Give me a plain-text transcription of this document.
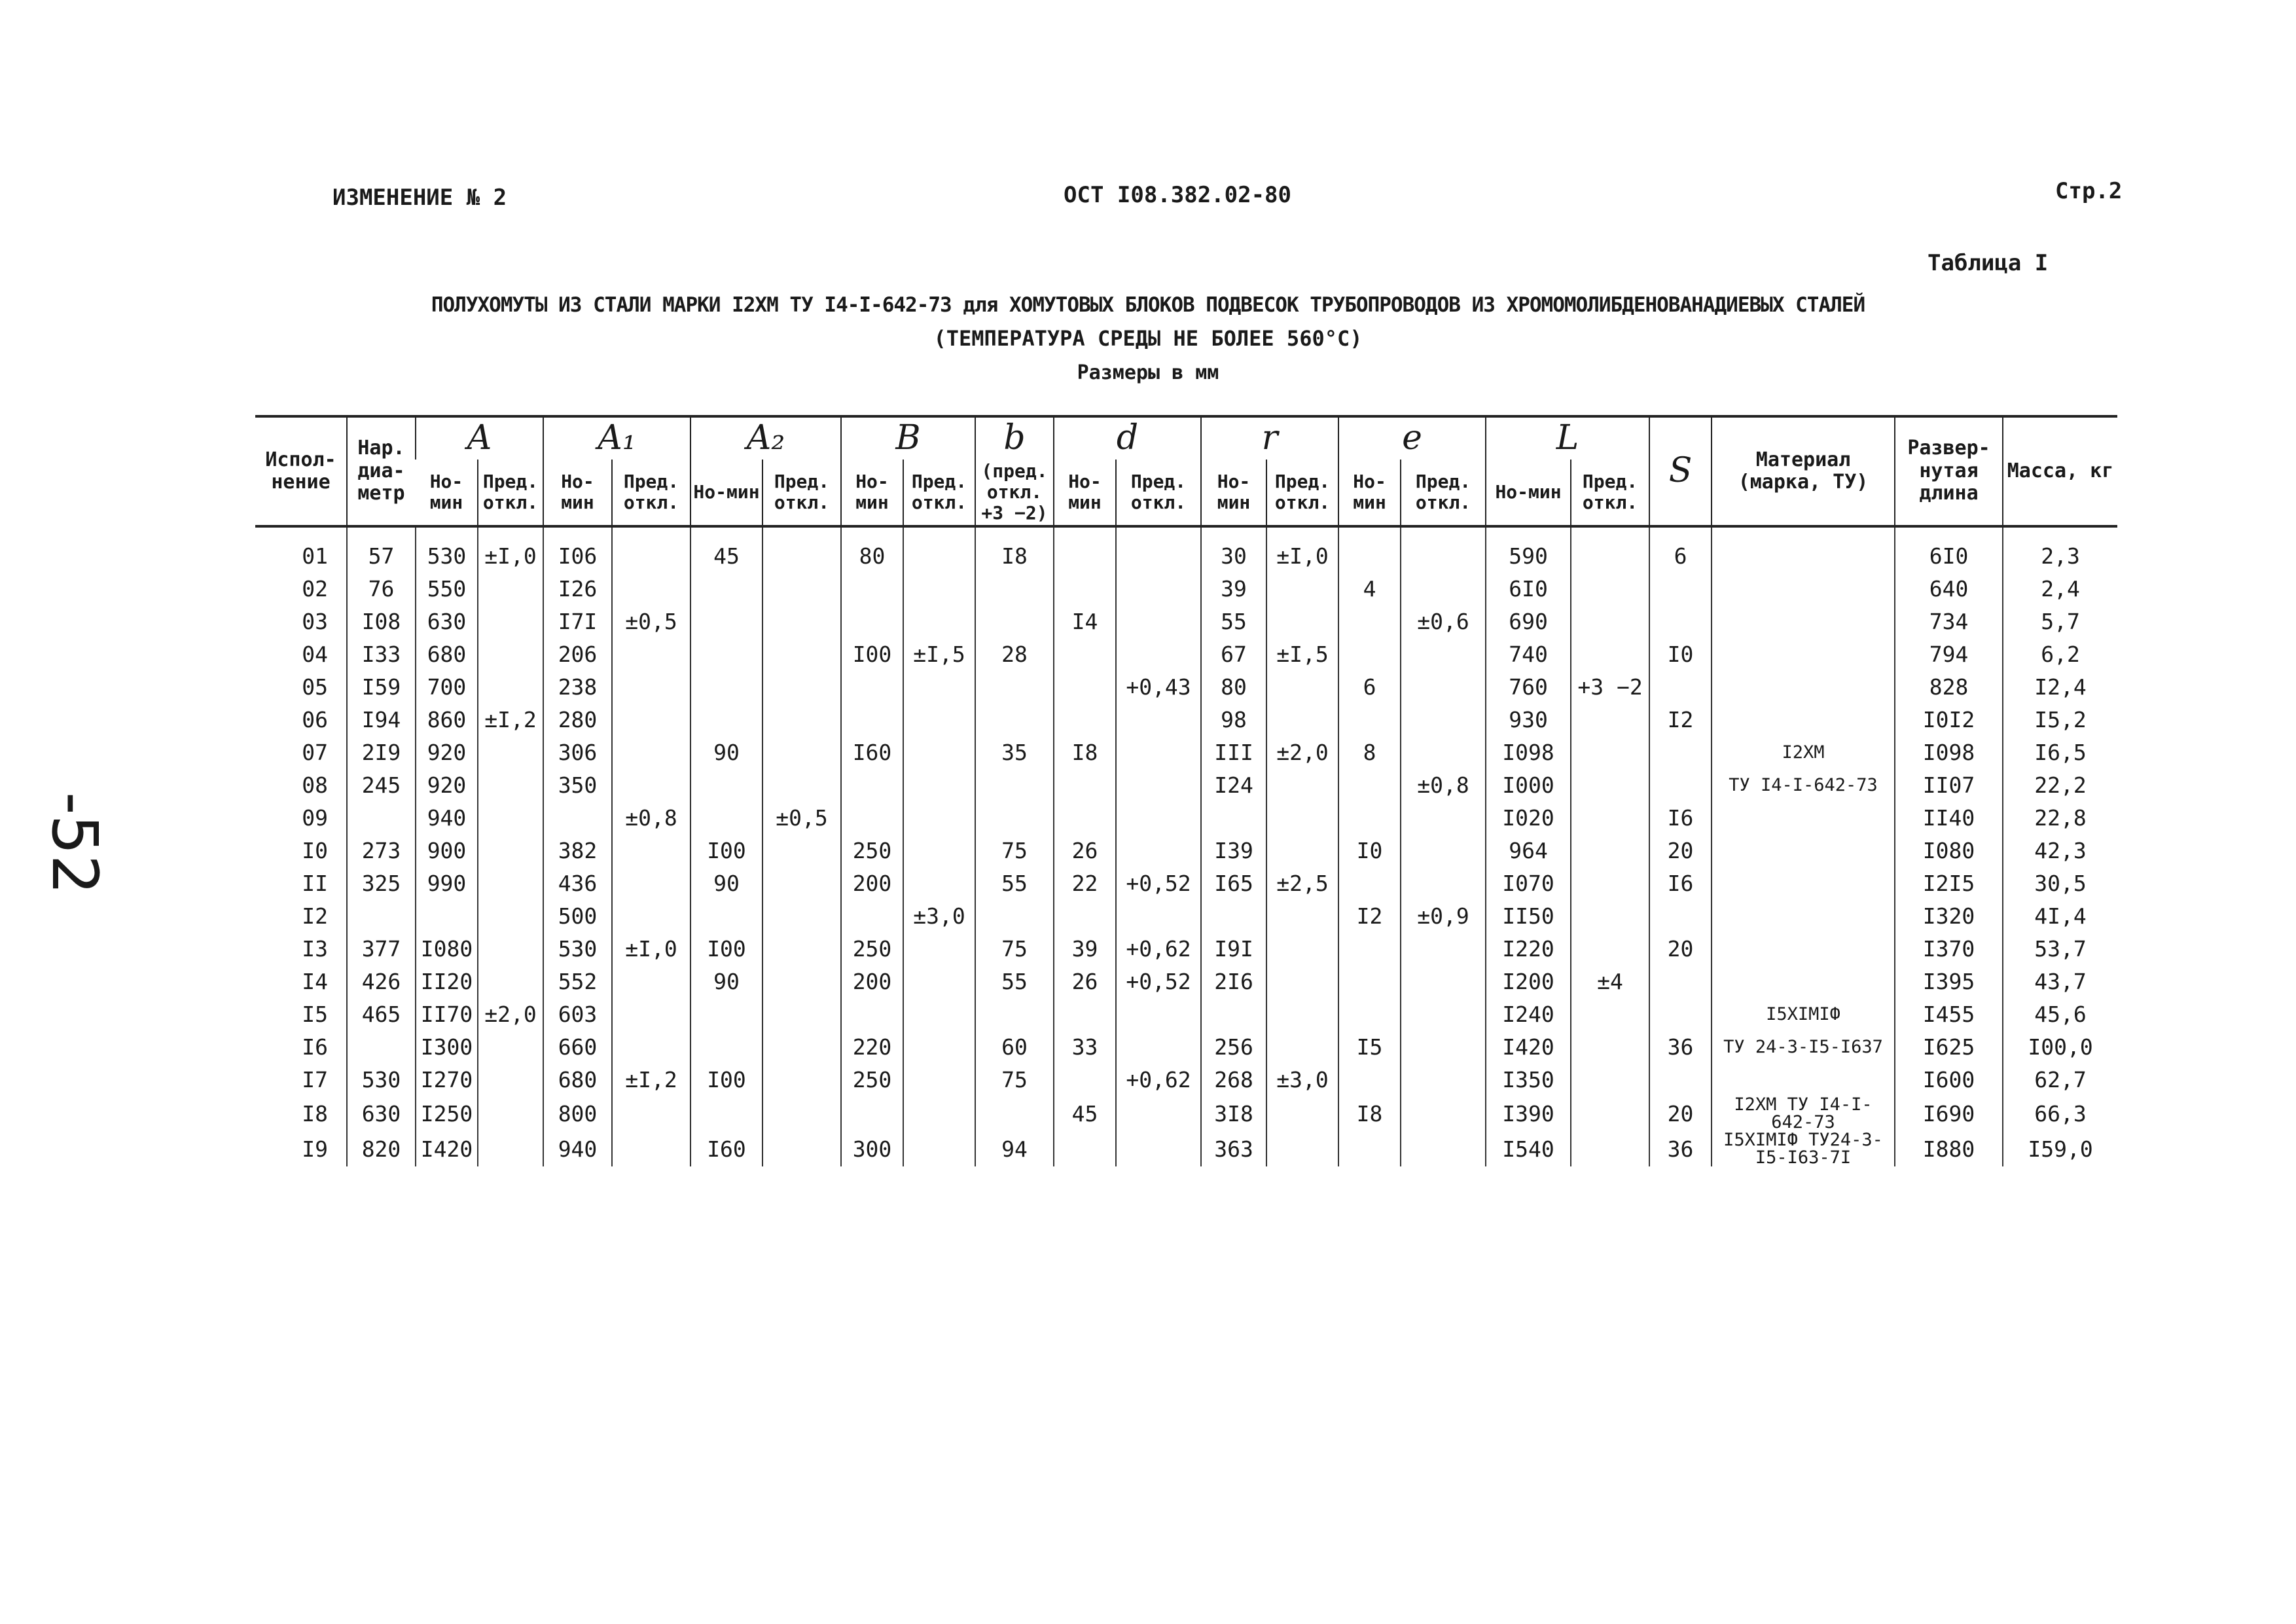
ИЗМЕНЕНИЕ № 2	ОСТ I08.382.02-80	Стр.2
Таблица I
ПОЛУХОМУТЫ ИЗ СТАЛИ МАРКИ I2ХМ ТУ I4-I-642-73 для ХОМУТОВЫХ БЛОКОВ ПОДВЕСОК ТРУБОПРОВОДОВ ИЗ ХРОМОМОЛИБДЕНОВАНАДИЕВЫХ СТАЛЕЙ
(ТЕМПЕРАТУРА СРЕДЫ НЕ БОЛЕЕ 560°С)
Размеры в мм
-52
Испол-нение	Нар. диа-метр	A		A₁		A₂		B		b	d		r		e		L		S	Материал (марка, ТУ)	Развер-нутая длина	Масса, кг
		Но-мин	Пред. откл.	Но-мин	Пред. откл.	Но-мин	Пред. откл.	Но-мин	Пред. откл.	(пред. откл. +3 −2)	Но-мин	Пред. откл.	Но-мин	Пред. откл.	Но-мин	Пред. откл.	Но-мин	Пред. откл.				
01	57	530	±I,0	I06		45		80		I8			30	±I,0			590		6		6I0	2,3
02	76	550		I26									39		4		6I0				640	2,4
03	I08	630		I7I	±0,5						I4		55			±0,6	690				734	5,7
04	I33	680		206				I00	±I,5	28			67	±I,5			740		I0		794	6,2
05	I59	700		238								+0,43	80		6		760	+3 −2			828	I2,4
06	I94	860	±I,2	280									98				930		I2		I0I2	I5,2
07	2I9	920		306		90		I60		35	I8		III	±2,0	8		I098			I2ХМ	I098	I6,5
08	245	920		350									I24			±0,8	I000			ТУ I4-I-642-73	II07	22,2
09		940			±0,8		±0,5										I020		I6		II40	22,8
I0	273	900		382		I00		250		75	26		I39		I0		964		20		I080	42,3
II	325	990		436		90		200		55	22	+0,52	I65	±2,5			I070		I6		I2I5	30,5
I2				500					±3,0						I2	±0,9	II50				I320	4I,4
I3	377	I080		530	±I,0	I00		250		75	39	+0,62	I9I				I220		20		I370	53,7
I4	426	II20		552		90		200		55	26	+0,52	2I6				I200	±4			I395	43,7
I5	465	II70	±2,0	603													I240			I5ХIМIФ	I455	45,6
I6		I300		660				220		60	33		256		I5		I420		36	ТУ 24-3-I5-I637	I625	I00,0
I7	530	I270		680	±I,2	I00		250		75		+0,62	268	±3,0			I350				I600	62,7
I8	630	I250		800							45		3I8		I8		I390		20	I2ХМ ТУ I4-I-642-73	I690	66,3
I9	820	I420		940		I60		300		94			363				I540		36	I5ХIМIФ ТУ24-3-I5-I63-7I	I880	I59,0
